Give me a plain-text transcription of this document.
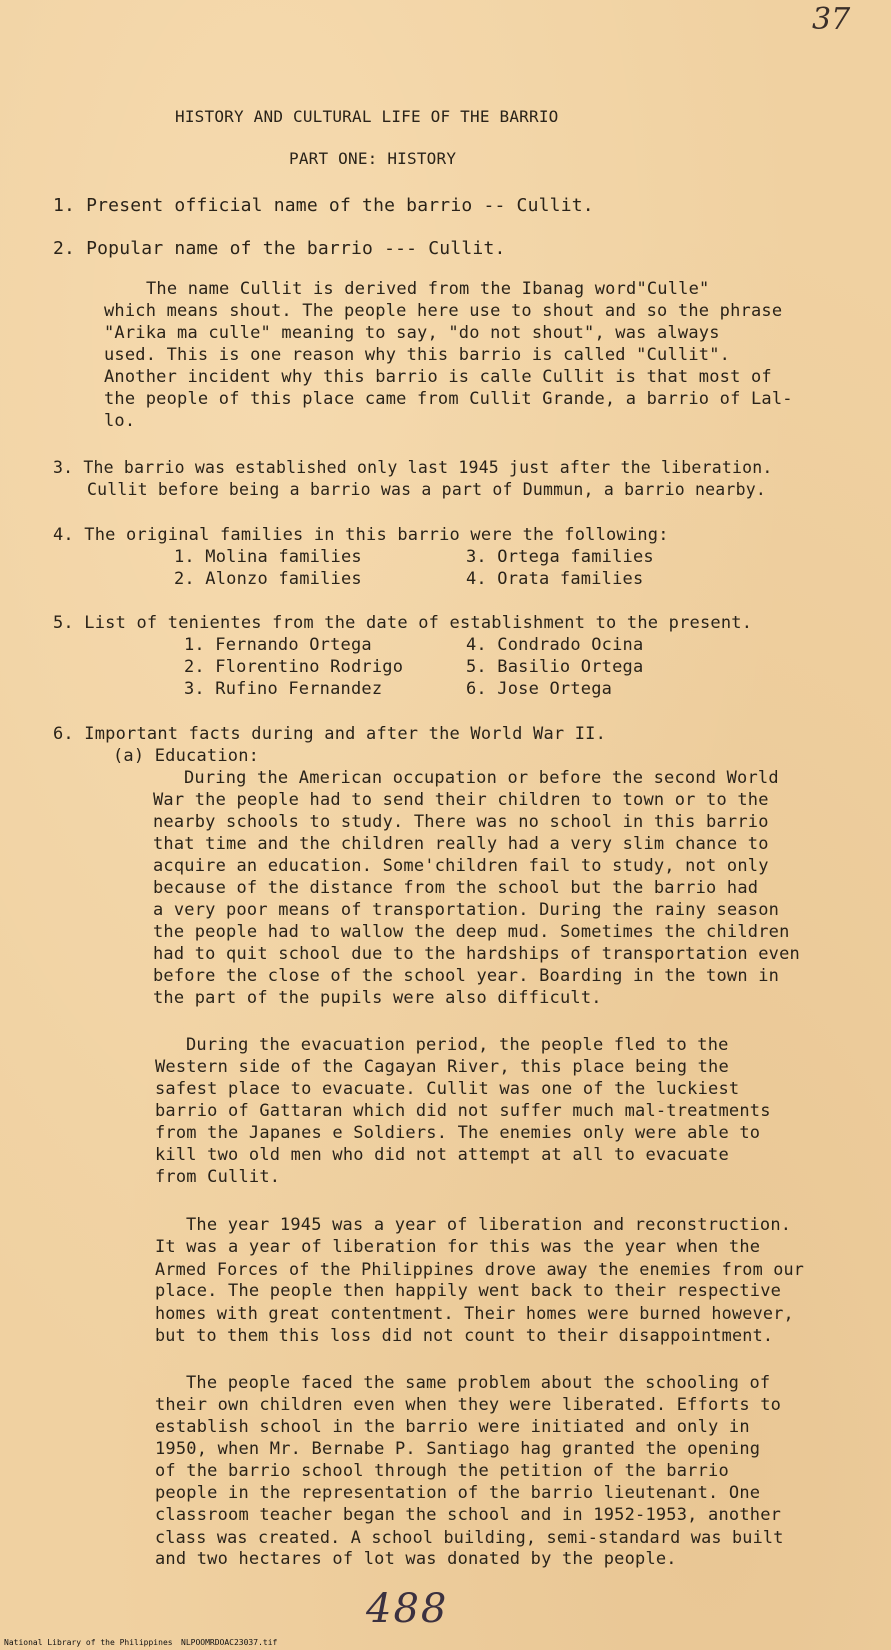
37
HISTORY AND CULTURAL LIFE OF THE BARRIO
PART ONE: HISTORY
1. Present official name of the barrio -- Cullit.
2. Popular name of the barrio --- Cullit.
The name Cullit is derived from the Ibanag word"Culle"
which means shout. The people here use to shout and so the phrase
"Arika ma culle" meaning to say, "do not shout", was always
used. This is one reason why this barrio is called "Cullit".
Another incident why this barrio is calle Cullit is that most of
the people of this place came from Cullit Grande, a barrio of Lal-
lo.
3. The barrio was established only last 1945 just after the liberation.
Cullit before being a barrio was a part of Dummun, a barrio nearby.
4. The original families in this barrio were the following:
1. Molina families	3. Ortega families
2. Alonzo families	4. Orata families
5. List of tenientes from the date of establishment to the present.
1. Fernando Ortega	4. Condrado Ocina
2. Florentino Rodrigo	5. Basilio Ortega
3. Rufino Fernandez	6. Jose Ortega
6. Important facts during and after the World War II.
(a) Education:
During the American occupation or before the second World
War the people had to send their children to town or to the
nearby schools to study. There was no school in this barrio
that time and the children really had a very slim chance to
acquire an education. Some'children fail to study, not only
because of the distance from the school but the barrio had
a very poor means of transportation. During the rainy season
the people had to wallow the deep mud. Sometimes the children
had to quit school due to the hardships of transportation even
before the close of the school year. Boarding in the town in
the part of the pupils were also difficult.
During the evacuation period, the people fled to the
Western side of the Cagayan River, this place being the
safest place to evacuate. Cullit was one of the luckiest
barrio of Gattaran which did not suffer much mal-treatments
from the Japanes e Soldiers. The enemies only were able to
kill two old men who did not attempt at all to evacuate
from Cullit.
The year 1945 was a year of liberation and reconstruction.
It was a year of liberation for this was the year when the
Armed Forces of the Philippines drove away the enemies from our
place. The people then happily went back to their respective
homes with great contentment. Their homes were burned however,
but to them this loss did not count to their disappointment.
The people faced the same problem about the schooling of
their own children even when they were liberated. Efforts to
establish school in the barrio were initiated and only in
1950, when Mr. Bernabe P. Santiago hag granted the opening
of the barrio school through the petition of the barrio
people in the representation of the barrio lieutenant. One
classroom teacher began the school and in 1952-1953, another
class was created. A school building, semi-standard was built
and two hectares of lot was donated by the people.
488
National Library of the Philippines NLPOOMRDOAC23037.tif
